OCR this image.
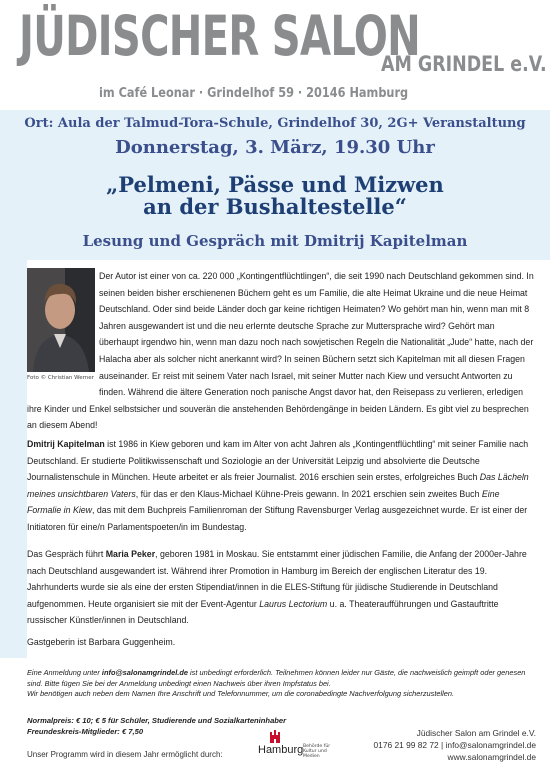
JÜDISCHER SALON
AM GRINDEL e.V.
im Café Leonar · Grindelhof 59 · 20146 Hamburg
Ort: Aula der Talmud-Tora-Schule, Grindelhof 30, 2G+ Veranstaltung
Donnerstag, 3. März, 19.30 Uhr
„Pelmeni, Pässe und Mizwen
an der Bushaltestelle“
Lesung und Gespräch mit Dmitrij Kapitelman
Der Autor ist einer von ca. 220 000 „Kontingentflüchtlingen“, die seit 1990 nach Deutschland gekommen sind. In seinen beiden bisher erschienenen Büchern geht es um Familie, die alte Heimat Ukraine und die neue Heimat Deutschland. Oder sind beide Länder doch gar keine richtigen Heimaten? Wo gehört man hin, wenn man mit 8 Jahren ausgewandert ist und die neu erlernte deutsche Sprache zur Muttersprache wird? Gehört man überhaupt irgendwo hin, wenn man dazu noch nach sowjetischen Regeln die Nationalität „Jude“ hatte, nach der Halacha aber als solcher nicht anerkannt wird? In seinen Büchern setzt sich Kapitelman mit all diesen Fragen auseinander. Er reist mit seinem Vater nach Israel, mit seiner Mutter nach Kiew und versucht Antworten zu finden. Während die ältere Generation noch panische Angst davor hat, den Reisepass zu verlieren, erledigen ihre Kinder und Enkel selbstsicher und souverän die anstehenden Behördengänge in beiden Ländern. Es gibt viel zu besprechen an diesem Abend!
Foto © Christian Werner
Dmitrij Kapitelman ist 1986 in Kiew geboren und kam im Alter von acht Jahren als „Kontingentflüchtling“ mit seiner Familie nach Deutschland. Er studierte Politikwissenschaft und Soziologie an der Universität Leipzig und absolvierte die Deutsche Journalistenschule in München. Heute arbeitet er als freier Journalist. 2016 erschien sein erstes, erfolgreiches Buch Das Lächeln meines unsichtbaren Vaters, für das er den Klaus-Michael Kühne-Preis gewann. In 2021 erschien sein zweites Buch Eine Formalie in Kiew, das mit dem Buchpreis Familienroman der Stiftung Ravensburger Verlag ausgezeichnet wurde. Er ist einer der Initiatoren für eine/n Parlamentspoeten/in im Bundestag.
Das Gespräch führt Maria Peker, geboren 1981 in Moskau. Sie entstammt einer jüdischen Familie, die Anfang der 2000er-Jahre nach Deutschland ausgewandert ist. Während ihrer Promotion in Hamburg im Bereich der englischen Literatur des 19. Jahrhunderts wurde sie als eine der ersten Stipendiat/innen in die ELES-Stiftung für jüdische Studierende in Deutschland aufgenommen. Heute organisiert sie mit der Event-Agentur Laurus Lectorium u. a. Theateraufführungen und Gastauftritte russischer Künstler/innen in Deutschland.
Gastgeberin ist Barbara Guggenheim.
Eine Anmeldung unter info@salonamgrindel.de ist unbedingt erforderlich. Teilnehmen können leider nur Gäste, die nachweislich geimpft oder genesen sind. Bitte fügen Sie bei der Anmeldung unbedingt einen Nachweis über ihren Impfstatus bei.
Wir benötigen auch neben dem Namen Ihre Anschrift und Telefonnummer, um die coronabedingte Nachverfolgung sicherzustellen.
Normalpreis: € 10; € 5 für Schüler, Studierende und Sozialkarteninhaber
Freundeskreis-Mitglieder: € 7,50
Unser Programm wird in diesem Jahr ermöglicht durch:	Hamburg Behörde für Kultur und Medien
Jüdischer Salon am Grindel e.V.
0176 21 99 82 72 | info@salonamgrindel.de
www.salonamgrindel.de
